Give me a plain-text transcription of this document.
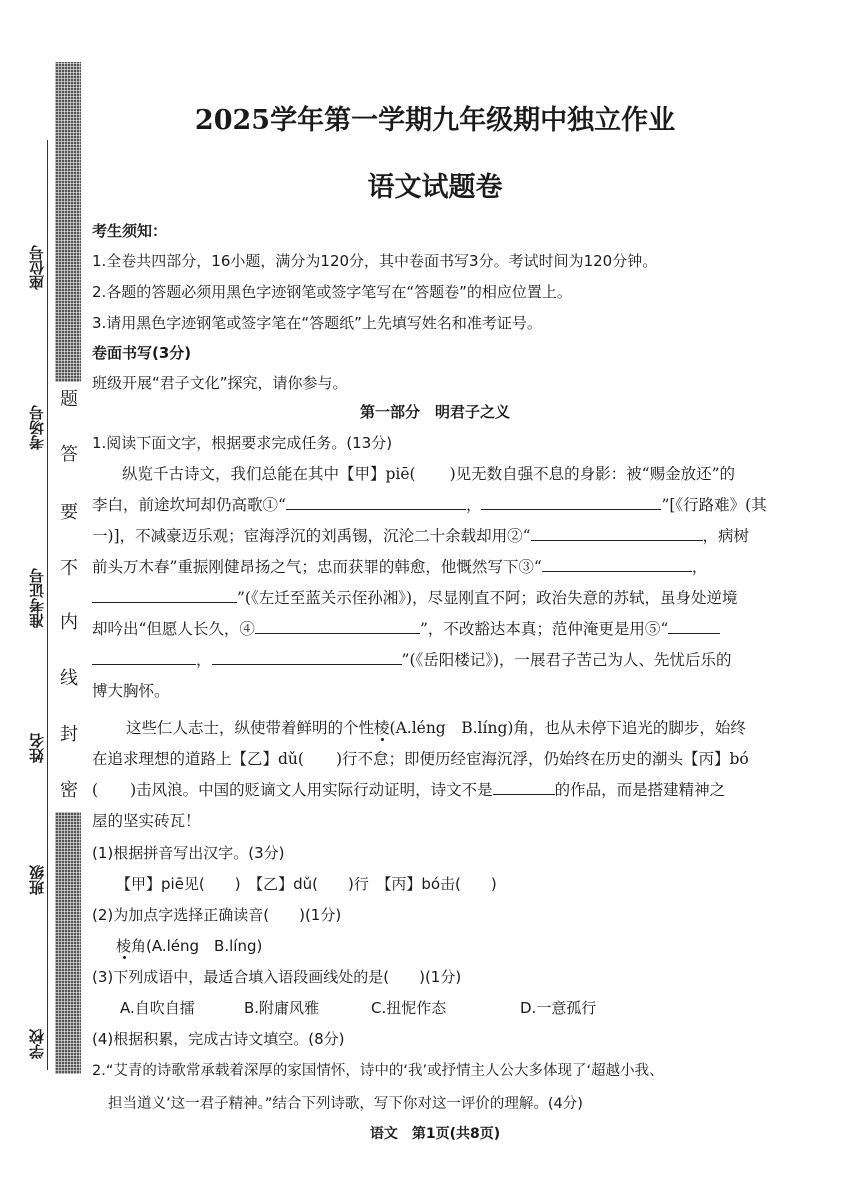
座位号
考场号
准考证号
姓名
班级
学校
题
答
要
不
内
线
封
密
2025学年第一学期九年级期中独立作业
语文试题卷
考生须知：
1.全卷共四部分，16小题，满分为120分，其中卷面书写3分。考试时间为120分钟。
2.各题的答题必须用黑色字迹钢笔或签字笔写在“答题卷”的相应位置上。
3.请用黑色字迹钢笔或签字笔在“答题纸”上先填写姓名和准考证号。
卷面书写(3分)
班级开展“君子文化”探究，请你参与。
第一部分　明君子之义
1.阅读下面文字，根据要求完成任务。(13分)
纵览千古诗文，我们总能在其中【甲】piē( )见无数自强不息的身影：被“赐金放还”的
李白，前途坎坷却仍高歌①“	，	”[《行路难》(其
一)]，不减豪迈乐观；宦海浮沉的刘禹锡，沉沦二十余载却用②“	，病树
前头万木春”重振刚健昂扬之气；忠而获罪的韩愈，他慨然写下③“	，
”(《左迁至蓝关示侄孙湘》)，尽显刚直不阿；政治失意的苏轼，虽身处逆境
却吟出“但愿人长久，④	”，不改豁达本真；范仲淹更是用⑤“
，	”(《岳阳楼记》)，一展君子苦己为人、先忧后乐的
博大胸怀。
这些仁人志士，纵使带着鲜明的个性棱(A.léng　B.líng)角，也从未停下追光的脚步，始终
在追求理想的道路上【乙】dǔ( )行不怠；即便历经宦海沉浮，仍始终在历史的潮头【丙】bó
( )击风浪。中国的贬谪文人用实际行动证明，诗文不是	的作品，而是搭建精神之
屋的坚实砖瓦！
(1)根据拼音写出汉字。(3分)
【甲】piē见(　　)　【乙】dǔ(　　)行　【丙】bó击(　　)
(2)为加点字选择正确读音(　　)(1分)
棱角(A.léng　B.líng)
(3)下列成语中，最适合填入语段画线处的是(　　)(1分)
A.自吹自擂	B.附庸风雅	C.扭怩作态	D.一意孤行
(4)根据积累，完成古诗文填空。(8分)
2.“艾青的诗歌常承载着深厚的家国情怀，诗中的‘我’或抒情主人公大多体现了‘超越小我、
担当道义’这一君子精神。”结合下列诗歌，写下你对这一评价的理解。(4分)
语文　第1页(共8页)
